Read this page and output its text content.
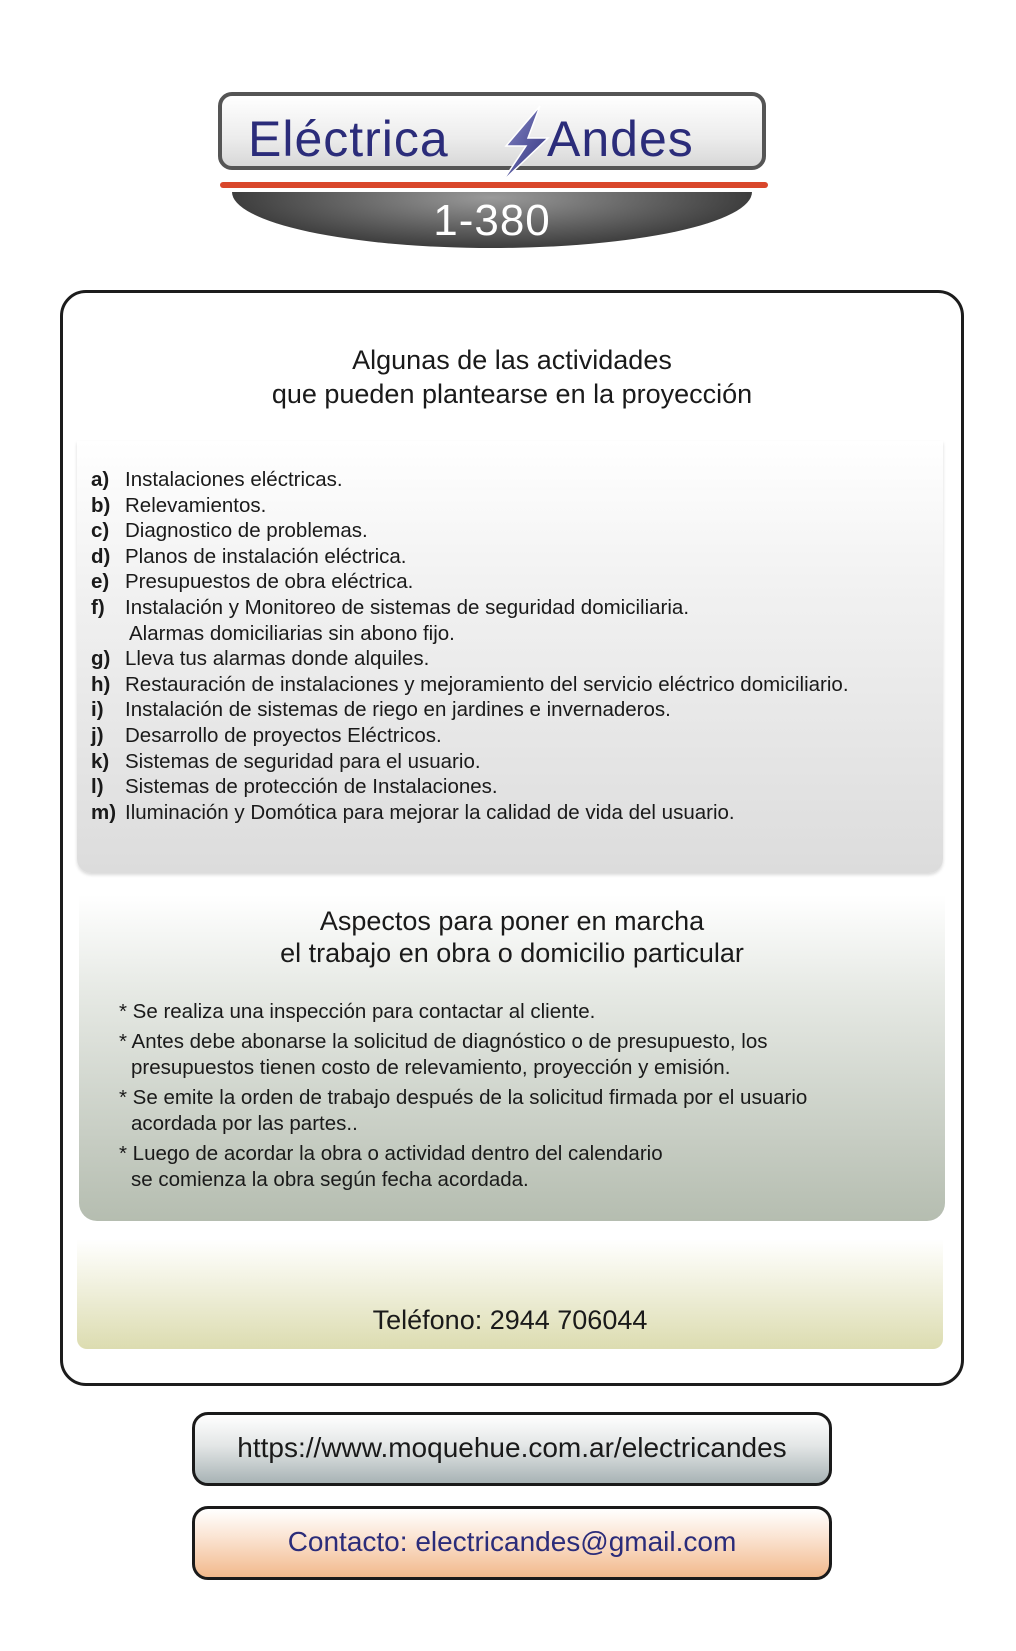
Eléctrica Andes
1-380
Algunas de las actividades
que pueden plantearse en la proyección
a) Instalaciones eléctricas.
b) Relevamientos.
c) Diagnostico de problemas.
d) Planos de instalación eléctrica.
e) Presupuestos de obra eléctrica.
f) Instalación y Monitoreo de sistemas de seguridad domiciliaria.
Alarmas domiciliarias sin abono fijo.
g) Lleva tus alarmas donde alquiles.
h) Restauración de instalaciones y mejoramiento del servicio eléctrico domiciliario.
i) Instalación de sistemas de riego en jardines e invernaderos.
j) Desarrollo de proyectos Eléctricos.
k) Sistemas de seguridad para el usuario.
l) Sistemas de protección de Instalaciones.
m) Iluminación y Domótica para mejorar la calidad de vida del usuario.
Aspectos para poner en marcha
el trabajo en obra o domicilio particular
* Se realiza una inspección para contactar al cliente.
* Antes debe abonarse la solicitud de diagnóstico o de presupuesto, los
presupuestos tienen costo de relevamiento, proyección y emisión.
* Se emite la orden de trabajo después de la solicitud firmada por el usuario
acordada por las partes..
* Luego de acordar la obra o actividad dentro del calendario
se comienza la obra según fecha acordada.
Teléfono: 2944 706044
https://www.moquehue.com.ar/electricandes
Contacto: electricandes@gmail.com
